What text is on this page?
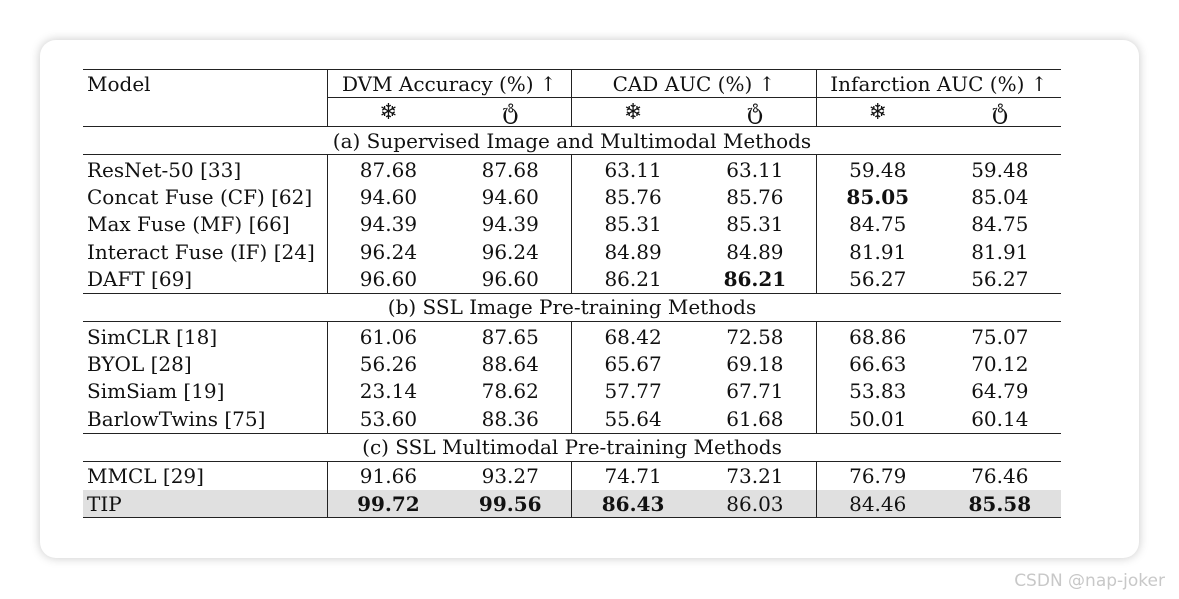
Model	DVM Accuracy (%) ↑		CAD AUC (%) ↑		Infarction AUC (%) ↑	
	❄	ტ	❄	ტ	❄	ტ
(a) Supervised Image and Multimodal Methods						
ResNet-50 [33]	87.68	87.68	63.11	63.11	59.48	59.48
Concat Fuse (CF) [62]	94.60	94.60	85.76	85.76	85.05	85.04
Max Fuse (MF) [66]	94.39	94.39	85.31	85.31	84.75	84.75
Interact Fuse (IF) [24]	96.24	96.24	84.89	84.89	81.91	81.91
DAFT [69]	96.60	96.60	86.21	86.21	56.27	56.27
(b) SSL Image Pre-training Methods						
SimCLR [18]	61.06	87.65	68.42	72.58	68.86	75.07
BYOL [28]	56.26	88.64	65.67	69.18	66.63	70.12
SimSiam [19]	23.14	78.62	57.77	67.71	53.83	64.79
BarlowTwins [75]	53.60	88.36	55.64	61.68	50.01	60.14
(c) SSL Multimodal Pre-training Methods						
MMCL [29]	91.66	93.27	74.71	73.21	76.79	76.46
TIP	99.72	99.56	86.43	86.03	84.46	85.58
CSDN @nap-joker
